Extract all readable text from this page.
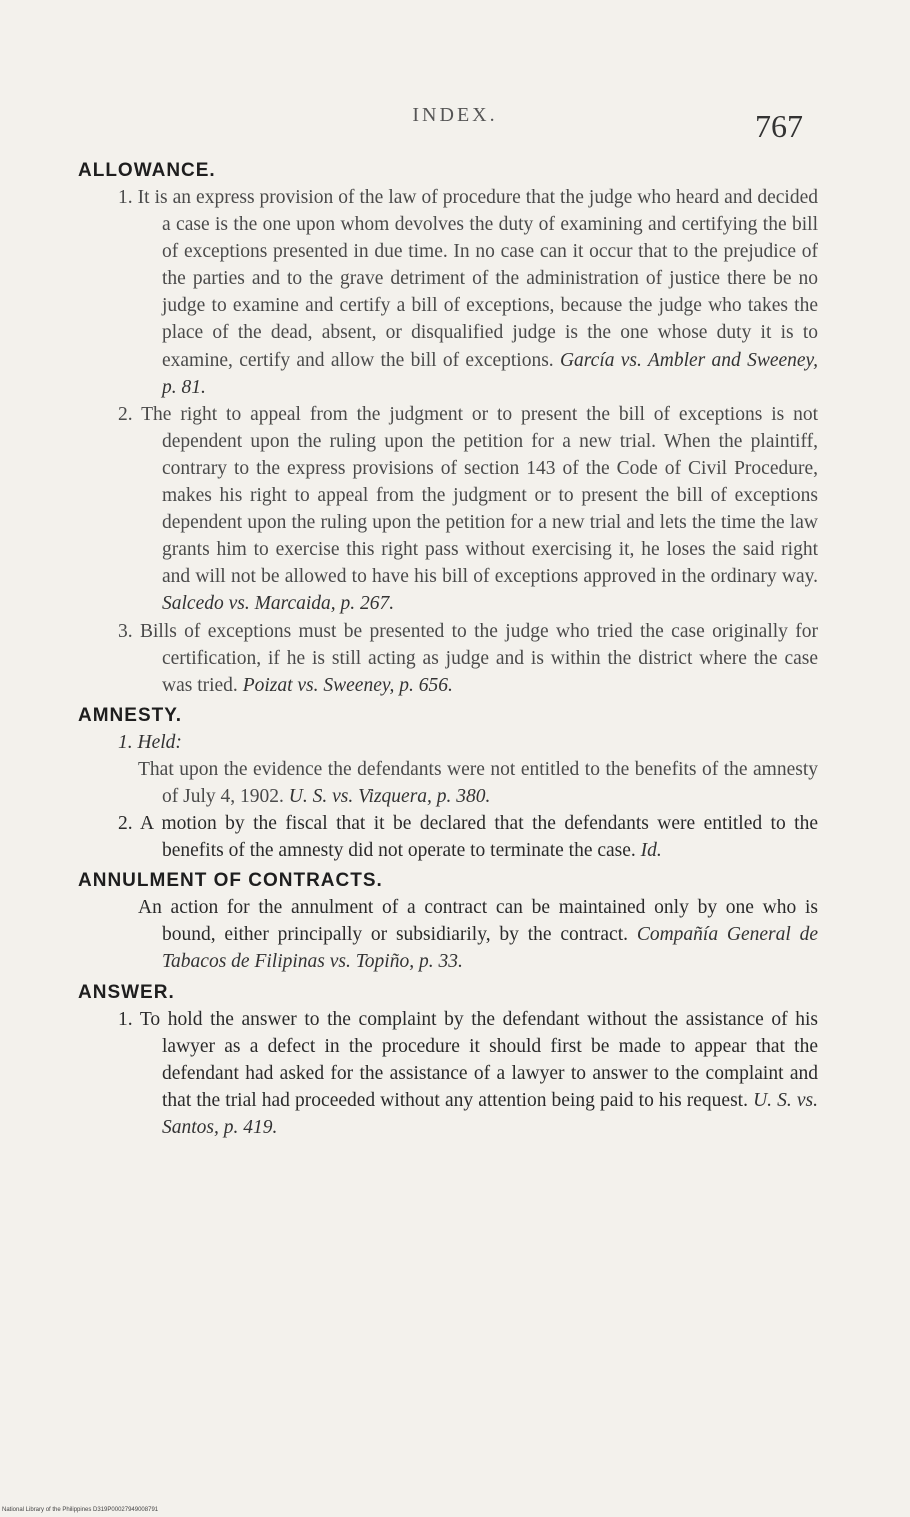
INDEX.	767

ALLOWANCE.

1. It is an express provision of the law of procedure that the judge who heard and decided a case is the one upon whom devolves the duty of examining and certifying the bill of exceptions presented in due time. In no case can it occur that to the prejudice of the parties and to the grave detriment of the administration of justice there be no judge to examine and certify a bill of exceptions, because the judge who takes the place of the dead, absent, or disqualified judge is the one whose duty it is to examine, certify and allow the bill of exceptions. García vs. Ambler and Sweeney, p. 81.

2. The right to appeal from the judgment or to present the bill of exceptions is not dependent upon the ruling upon the petition for a new trial. When the plaintiff, contrary to the express provisions of section 143 of the Code of Civil Procedure, makes his right to appeal from the judgment or to present the bill of exceptions dependent upon the ruling upon the petition for a new trial and lets the time the law grants him to exercise this right pass without exercising it, he loses the said right and will not be allowed to have his bill of exceptions approved in the ordinary way. Salcedo vs. Marcaida, p. 267.

3. Bills of exceptions must be presented to the judge who tried the case originally for certification, if he is still acting as judge and is within the district where the case was tried. Poizat vs. Sweeney, p. 656.

AMNESTY.

1. Held:

That upon the evidence the defendants were not entitled to the benefits of the amnesty of July 4, 1902. U. S. vs. Vizquera, p. 380.

2. A motion by the fiscal that it be declared that the defendants were entitled to the benefits of the amnesty did not operate to terminate the case. Id.

ANNULMENT OF CONTRACTS.

An action for the annulment of a contract can be maintained only by one who is bound, either principally or subsidiarily, by the contract. Compañía General de Tabacos de Filipinas vs. Topiño, p. 33.

ANSWER.

1. To hold the answer to the complaint by the defendant without the assistance of his lawyer as a defect in the procedure it should first be made to appear that the defendant had asked for the assistance of a lawyer to answer to the complaint and that the trial had proceeded without any attention being paid to his request. U. S. vs. Santos, p. 419.

National Library of the Philippines D319P00027949008791
